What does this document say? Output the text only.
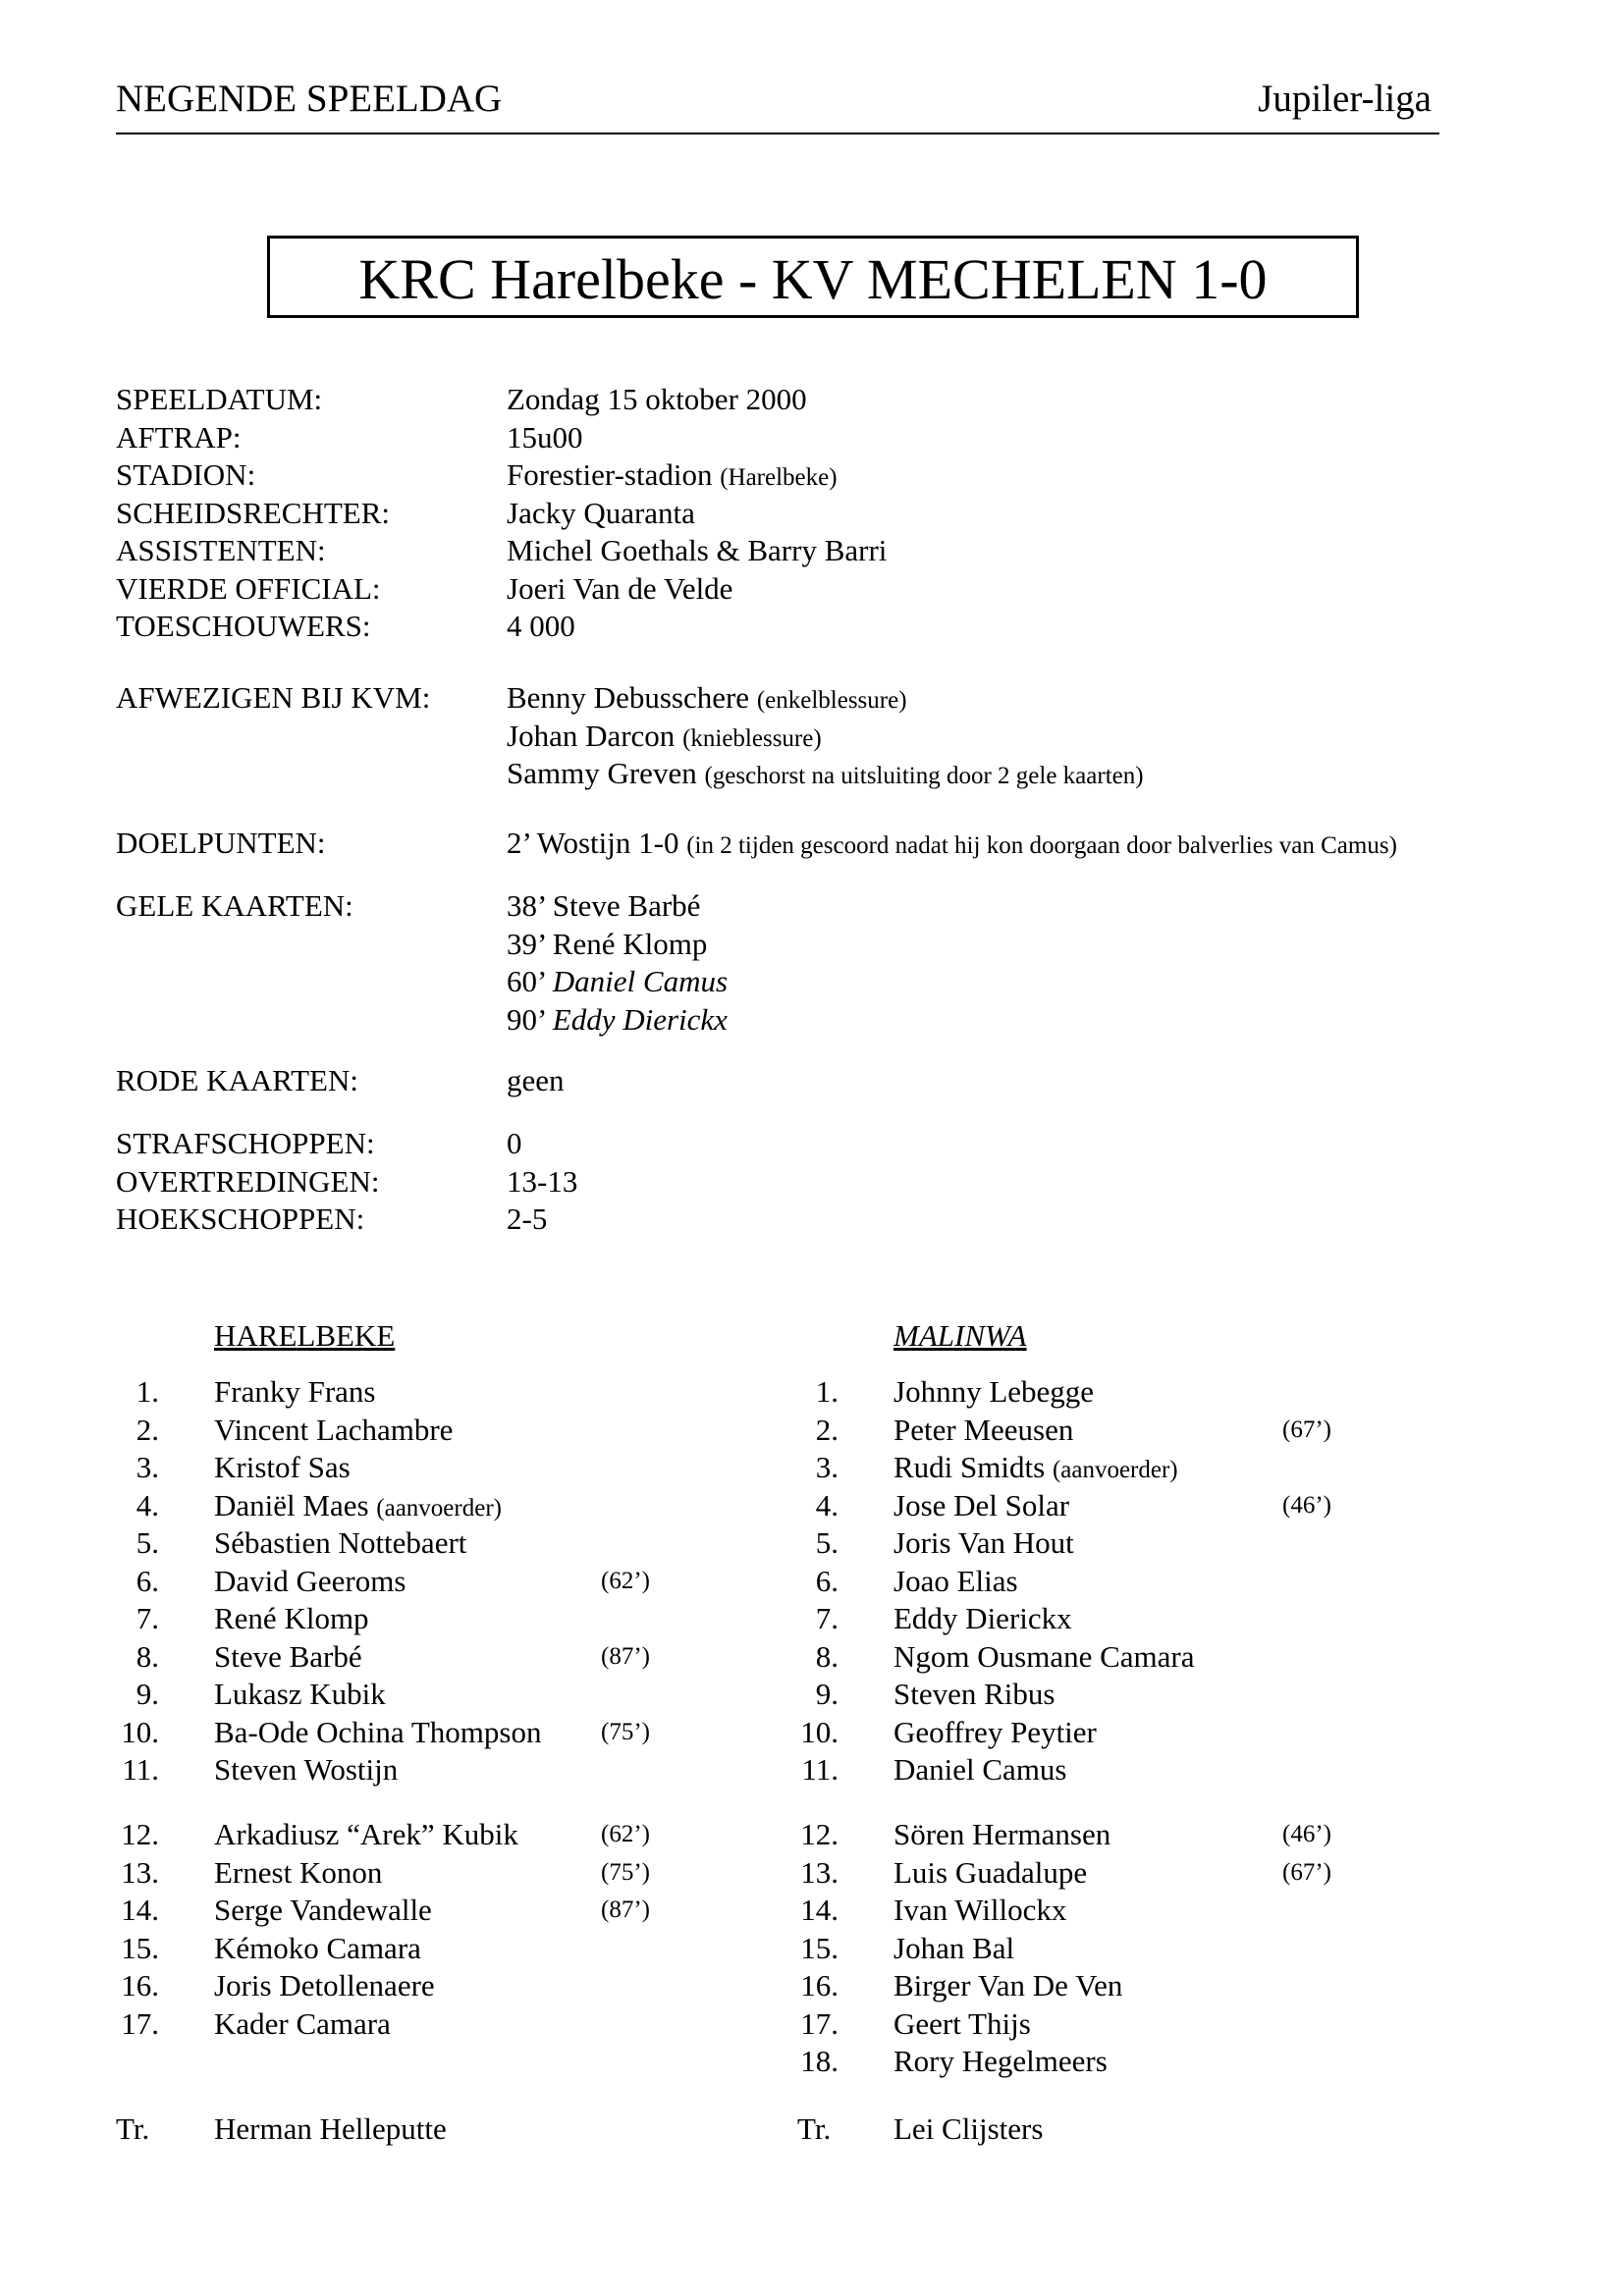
NEGENDE SPEELDAG	Jupiler-liga
KRC Harelbeke - KV MECHELEN 1-0
SPEELDATUM:	Zondag 15 oktober 2000
AFTRAP:	15u00
STADION:	Forestier-stadion (Harelbeke)
SCHEIDSRECHTER:	Jacky Quaranta
ASSISTENTEN:	Michel Goethals & Barry Barri
VIERDE OFFICIAL:	Joeri Van de Velde
TOESCHOUWERS:	4 000
AFWEZIGEN BIJ KVM:	Benny Debusschere (enkelblessure)
Johan Darcon (knieblessure)
Sammy Greven (geschorst na uitsluiting door 2 gele kaarten)
DOELPUNTEN:	2’ Wostijn 1-0 (in 2 tijden gescoord nadat hij kon doorgaan door balverlies van Camus)
GELE KAARTEN:	38’ Steve Barbé
39’ René Klomp
60’ Daniel Camus
90’ Eddy Dierickx
RODE KAARTEN:	geen
STRAFSCHOPPEN:	0
OVERTREDINGEN:	13-13
HOEKSCHOPPEN:	2-5
HARELBEKE
1. Franky Frans
2. Vincent Lachambre
3. Kristof Sas
4. Daniël Maes (aanvoerder)
5. Sébastien Nottebaert
6. David Geeroms	(62’)
7. René Klomp
8. Steve Barbé	(87’)
9. Lukasz Kubik
10. Ba-Ode Ochina Thompson (75’)
11. Steven Wostijn
12. Arkadiusz “Arek” Kubik	(62’)
13. Ernest Konon	(75’)
14. Serge Vandewalle	(87’)
15. Kémoko Camara
16. Joris Detollenaere
17. Kader Camara
Tr. Herman Helleputte
MALINWA
1. Johnny Lebegge
2. Peter Meeusen	(67’)
3. Rudi Smidts (aanvoerder)
4. Jose Del Solar	(46’)
5. Joris Van Hout
6. Joao Elias
7. Eddy Dierickx
8. Ngom Ousmane Camara
9. Steven Ribus
10. Geoffrey Peytier
11. Daniel Camus
12. Sören Hermansen	(46’)
13. Luis Guadalupe	(67’)
14. Ivan Willockx
15. Johan Bal
16. Birger Van De Ven
17. Geert Thijs
18. Rory Hegelmeers
Tr. Lei Clijsters
